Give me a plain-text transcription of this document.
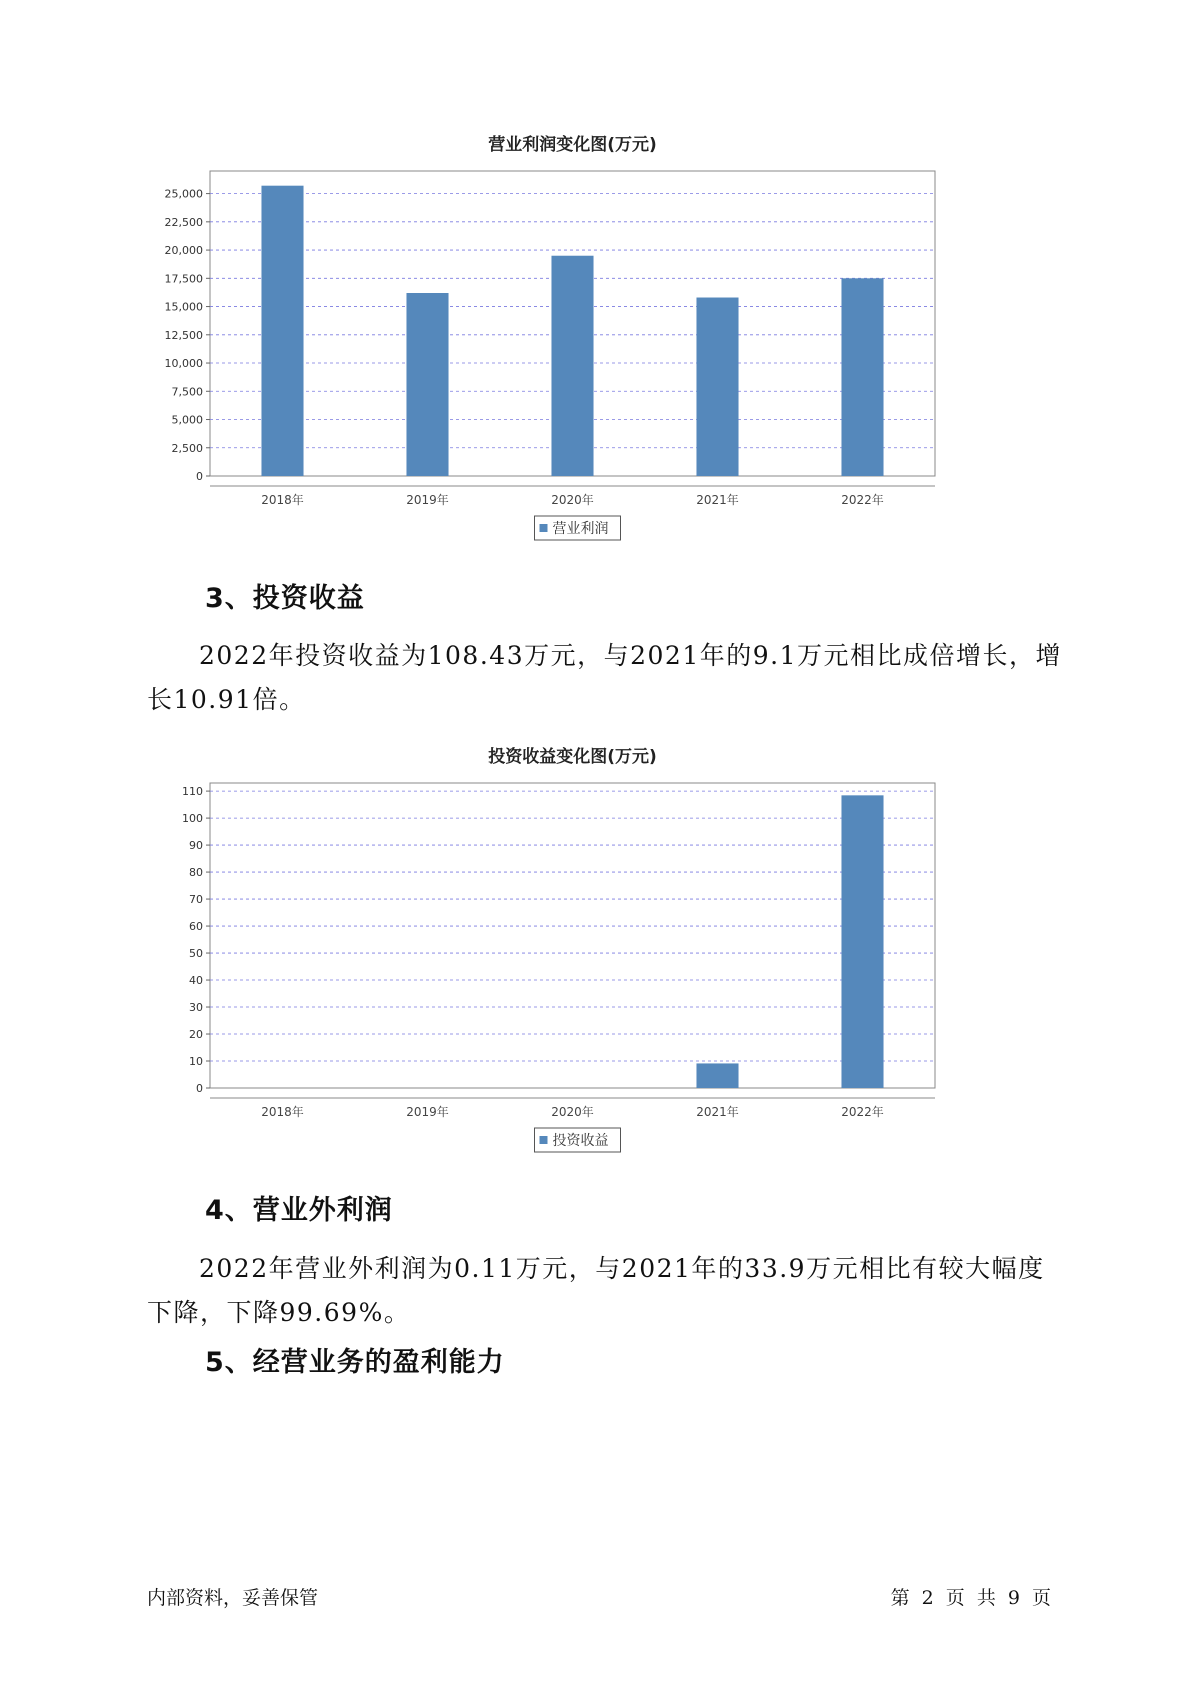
营业利润变化图(万元)
0
2,500
5,000
7,500
10,000
12,500
15,000
17,500
20,000
22,500
25,000
2018年	2019年	2020年	2021年	2022年
营业利润
3、投资收益

2022年投资收益为108.43万元，与2021年的9.1万元相比成倍增长，增长10.91倍。

投资收益变化图(万元)
0
10
20
30
40
50
60
70
80
90
100
110
2018年	2019年	2020年	2021年	2022年
投资收益
4、营业外利润

2022年营业外利润为0.11万元，与2021年的33.9万元相比有较大幅度下降，下降99.69%。

5、经营业务的盈利能力
内部资料，妥善保管	第 2 页 共 9 页
